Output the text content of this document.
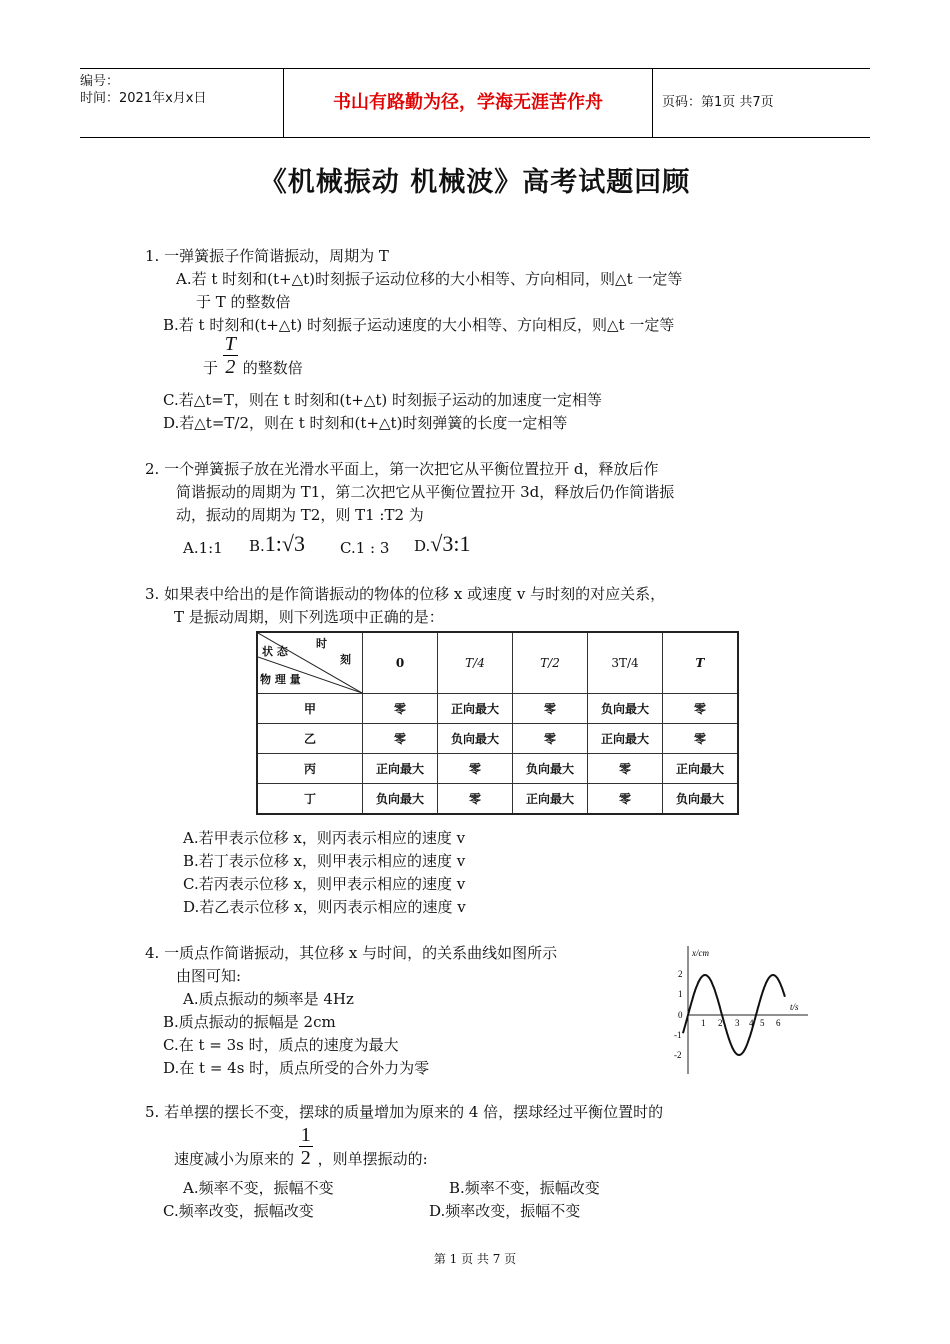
编号：
时间：2021年x月x日	书山有路勤为径，学海无涯苦作舟	页码：第1页 共7页
《机械振动 机械波》高考试题回顾
1. 一弹簧振子作简谐振动，周期为 T
A.若 t 时刻和(t+△t)时刻振子运动位移的大小相等、方向相同，则△t 一定等
于 T 的整数倍
B.若 t 时刻和(t+△t) 时刻振子运动速度的大小相等、方向相反，则△t 一定等
于 $\frac{T}{2}$ 的整数倍
C.若△t=T，则在 t 时刻和(t+△t) 时刻振子运动的加速度一定相等
D.若△t=T/2，则在 t 时刻和(t+△t)时刻弹簧的长度一定相等
2. 一个弹簧振子放在光滑水平面上，第一次把它从平衡位置拉开 d，释放后作
简谐振动的周期为 T1，第二次把它从平衡位置拉开 3d，释放后仍作简谐振
动，振动的周期为 T2，则 T1 :T2 为
A.1:1 B.1:√3 C.1 : 3 D.√3:1
3. 如果表中给出的是作简谐振动的物体的位移 x 或速度 v 与时刻的对应关系，
T 是振动周期，则下列选项中正确的是：
时
刻
状 态
物 理 量	0	T/4	T/2	3T/4	T
甲	零	正向最大	零	负向最大	零
乙	零	负向最大	零	正向最大	零
丙	正向最大	零	负向最大	零	正向最大
丁	负向最大	零	正向最大	零	负向最大
A.若甲表示位移 x，则丙表示相应的速度 v
B.若丁表示位移 x，则甲表示相应的速度 v
C.若丙表示位移 x，则甲表示相应的速度 v
D.若乙表示位移 x，则丙表示相应的速度 v
4. 一质点作简谐振动，其位移 x 与时间，的关系曲线如图所示
由图可知:
A.质点振动的频率是 4Hz
B.质点振动的振幅是 2cm
C.在 t = 3s 时，质点的速度为最大
D.在 t = 4s 时，质点所受的合外力为零
x/cm
t/s
2
1
0
-1
-2
1 2 3 4 5 6
5. 若单摆的摆长不变，摆球的质量增加为原来的 4 倍，摆球经过平衡位置时的
速度减小为原来的 $\frac{1}{2}$ ，则单摆振动的:
A.频率不变，振幅不变	B.频率不变，振幅改变
C.频率改变，振幅改变	D.频率改变，振幅不变
第 1 页 共 7 页
